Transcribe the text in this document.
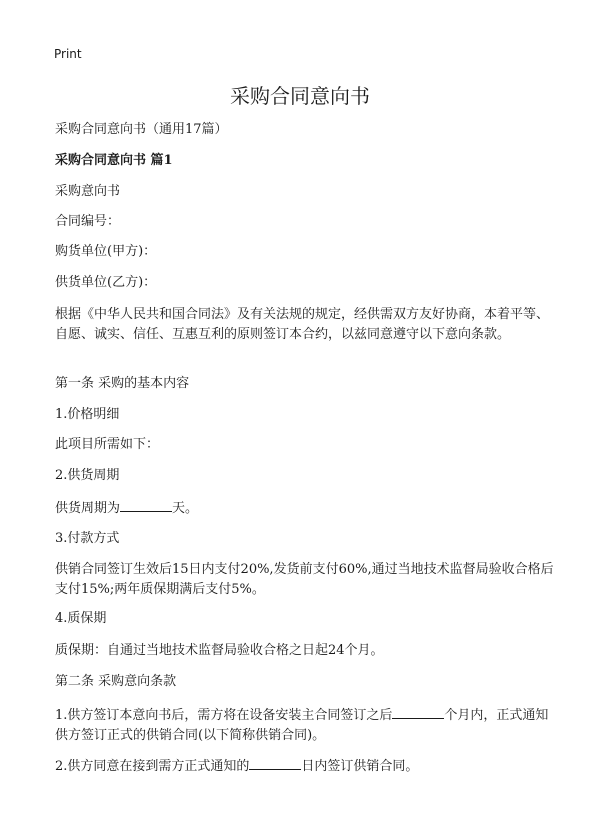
Print
采购合同意向书
采购合同意向书（通用17篇）
采购合同意向书 篇1
采购意向书
合同编号：
购货单位(甲方)：
供货单位(乙方)：
根据《中华人民共和国合同法》及有关法规的规定，经供需双方友好协商，本着平等、自愿、诚实、信任、互惠互利的原则签订本合约，以兹同意遵守以下意向条款。
第一条 采购的基本内容
1.价格明细
此项目所需如下：
2.供货周期
供货周期为	天。
3.付款方式
供销合同签订生效后15日内支付20%,发货前支付60%,通过当地技术监督局验收合格后支付15%;两年质保期满后支付5%。
4.质保期
质保期：自通过当地技术监督局验收合格之日起24个月。
第二条 采购意向条款
1.供方签订本意向书后，需方将在设备安装主合同签订之后	个月内，正式通知供方签订正式的供销合同(以下简称供销合同)。
2.供方同意在接到需方正式通知的	日内签订供销合同。
